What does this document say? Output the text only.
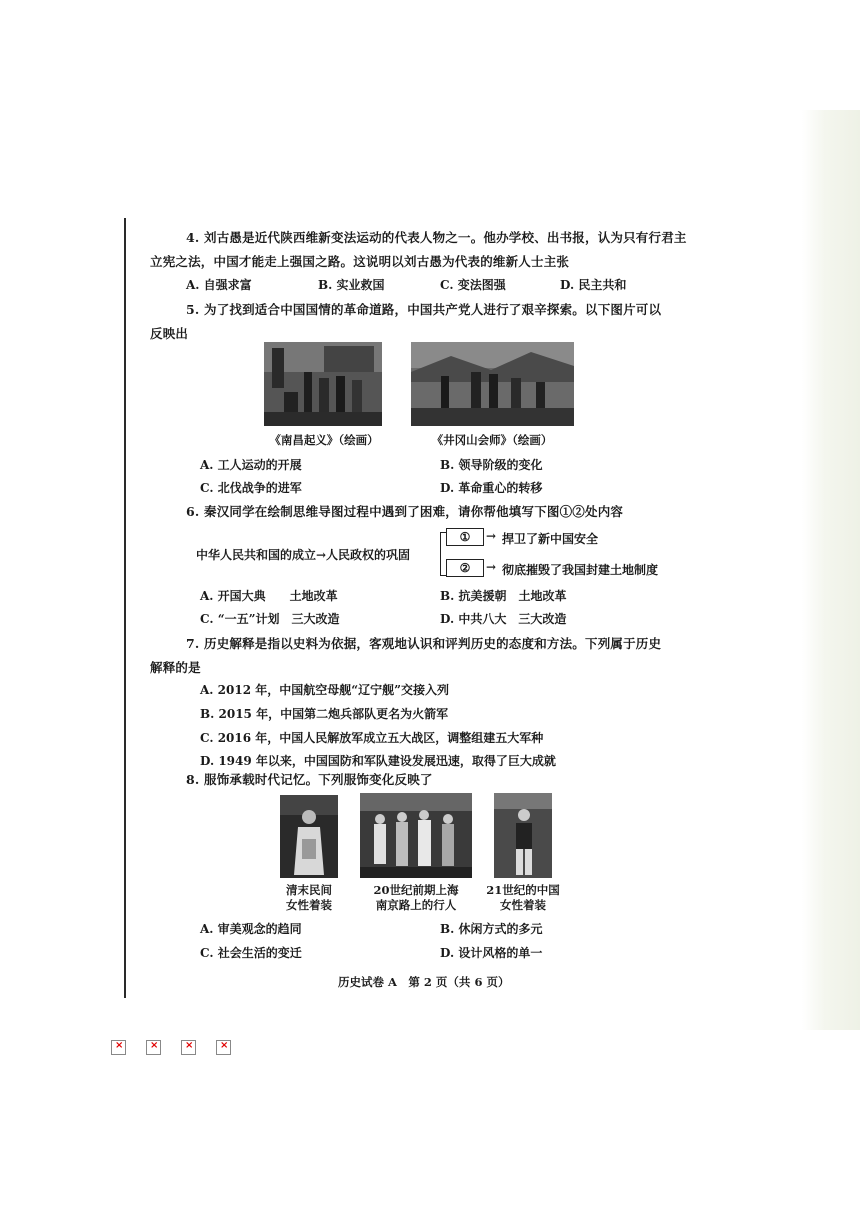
4. 刘古愚是近代陕西维新变法运动的代表人物之一。他办学校、出书报，认为只有行君主
立宪之法，中国才能走上强国之路。这说明以刘古愚为代表的维新人士主张
A. 自强求富	B. 实业救国	C. 变法图强	D. 民主共和
5. 为了找到适合中国国情的革命道路，中国共产党人进行了艰辛探索。以下图片可以
反映出
《南昌起义》（绘画）	《井冈山会师》（绘画）
A. 工人运动的开展	B. 领导阶级的变化
C. 北伐战争的进军	D. 革命重心的转移
6. 秦汉同学在绘制思维导图过程中遇到了困难，请你帮他填写下图①②处内容
中华人民共和国的成立→人民政权的巩固
①
②
→
→
捍卫了新中国安全
彻底摧毁了我国封建土地制度
A. 开国大典　　土地改革	B. 抗美援朝　土地改革
C. “一五”计划　三大改造	D. 中共八大　三大改造
7. 历史解释是指以史料为依据，客观地认识和评判历史的态度和方法。下列属于历史
解释的是
A. 2012 年，中国航空母舰“辽宁舰”交接入列
B. 2015 年，中国第二炮兵部队更名为火箭军
C. 2016 年，中国人民解放军成立五大战区，调整组建五大军种
D. 1949 年以来，中国国防和军队建设发展迅速，取得了巨大成就
8. 服饰承载时代记忆。下列服饰变化反映了
清末民间
女性着装
20世纪前期上海
南京路上的行人
21世纪的中国
女性着装
A. 审美观念的趋同	B. 休闲方式的多元
C. 社会生活的变迁	D. 设计风格的单一
历史试卷 A　第 2 页（共 6 页）
×	×	×	×
